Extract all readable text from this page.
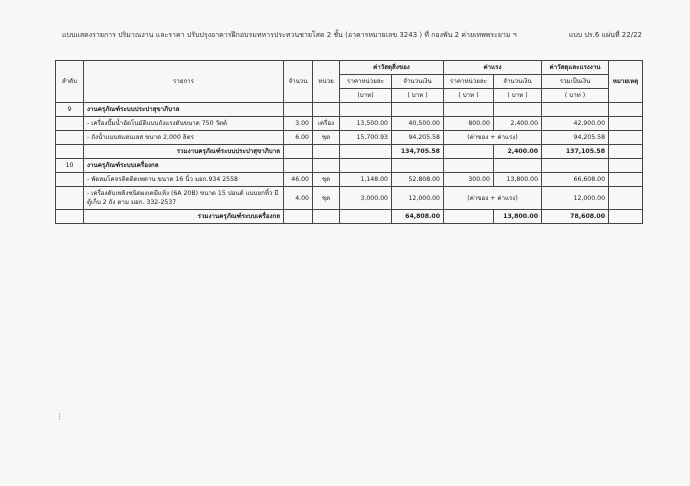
แบบแสดงรายการ ปริมาณงาน และราคา ปรับปรุงอาคารฝึกอบรมทหารประทวนชายโสด 2 ชั้น (อาคารหมายเลข 3243 ) ที่ กองพัน 2 ค่ายเทพพระยาม ฯ	แบบ ปร.6 แผ่นที่ 22/22
ลำดับ	รายการ	จำนวน	หน่วย	ค่าวัสดุสิ่งของ		ค่าแรง		ค่าวัสดุและแรงงาน	หมายเหตุ
				ราคาหน่วยละ	จำนวนเงิน	ราคาหน่วยละ	จำนวนเงิน	รวมเป็นเงิน	
				(บาท)	( บาท )	( บาท )	( บาท )	( บาท )	
9	งานครุภัณฑ์ระบบประปาสุขาภิบาล								
	- เครื่องปั๊มน้ำอัตโนมัติแบบถังแรงดันขนาด 750 วัตต์	3.00	เครื่อง	13,500.00	40,500.00	800.00	2,400.00	42,900.00	
	- ถังน้ำแบบสแตนเลส ขนาด 2,000 ลิตร	6.00	ชุด	15,700.93	94,205.58	(ค่าของ + ค่าแรง)		94,205.58	
	รวมงานครุภัณฑ์ระบบประปาสุขาภิบาล				134,705.58		2,400.00	137,105.58	
10	งานครุภัณฑ์ระบบเครื่องกล								
	- พัดลมโคจรติดติดเพดาน ขนาด 16 นิ้ว มอก.934 2558	46.00	ชุด	1,148.00	52,808.00	300.00	13,800.00	66,608.00	
	- เครื่องดับเพลิงชนิดผงเคมีแห้ง (6A 20B) ขนาด 15 ปอนด์ แบบยกหิ้ว มีตู้เก็บ 2 ถัง ตาม มอก. 332-2537	4.00	ชุด	3,000.00	12,000.00	(ค่าของ + ค่าแรง)		12,000.00	
	รวมงานครุภัณฑ์ระบบเครื่องกล				64,808.00		13,800.00	78,608.00	
⁝
